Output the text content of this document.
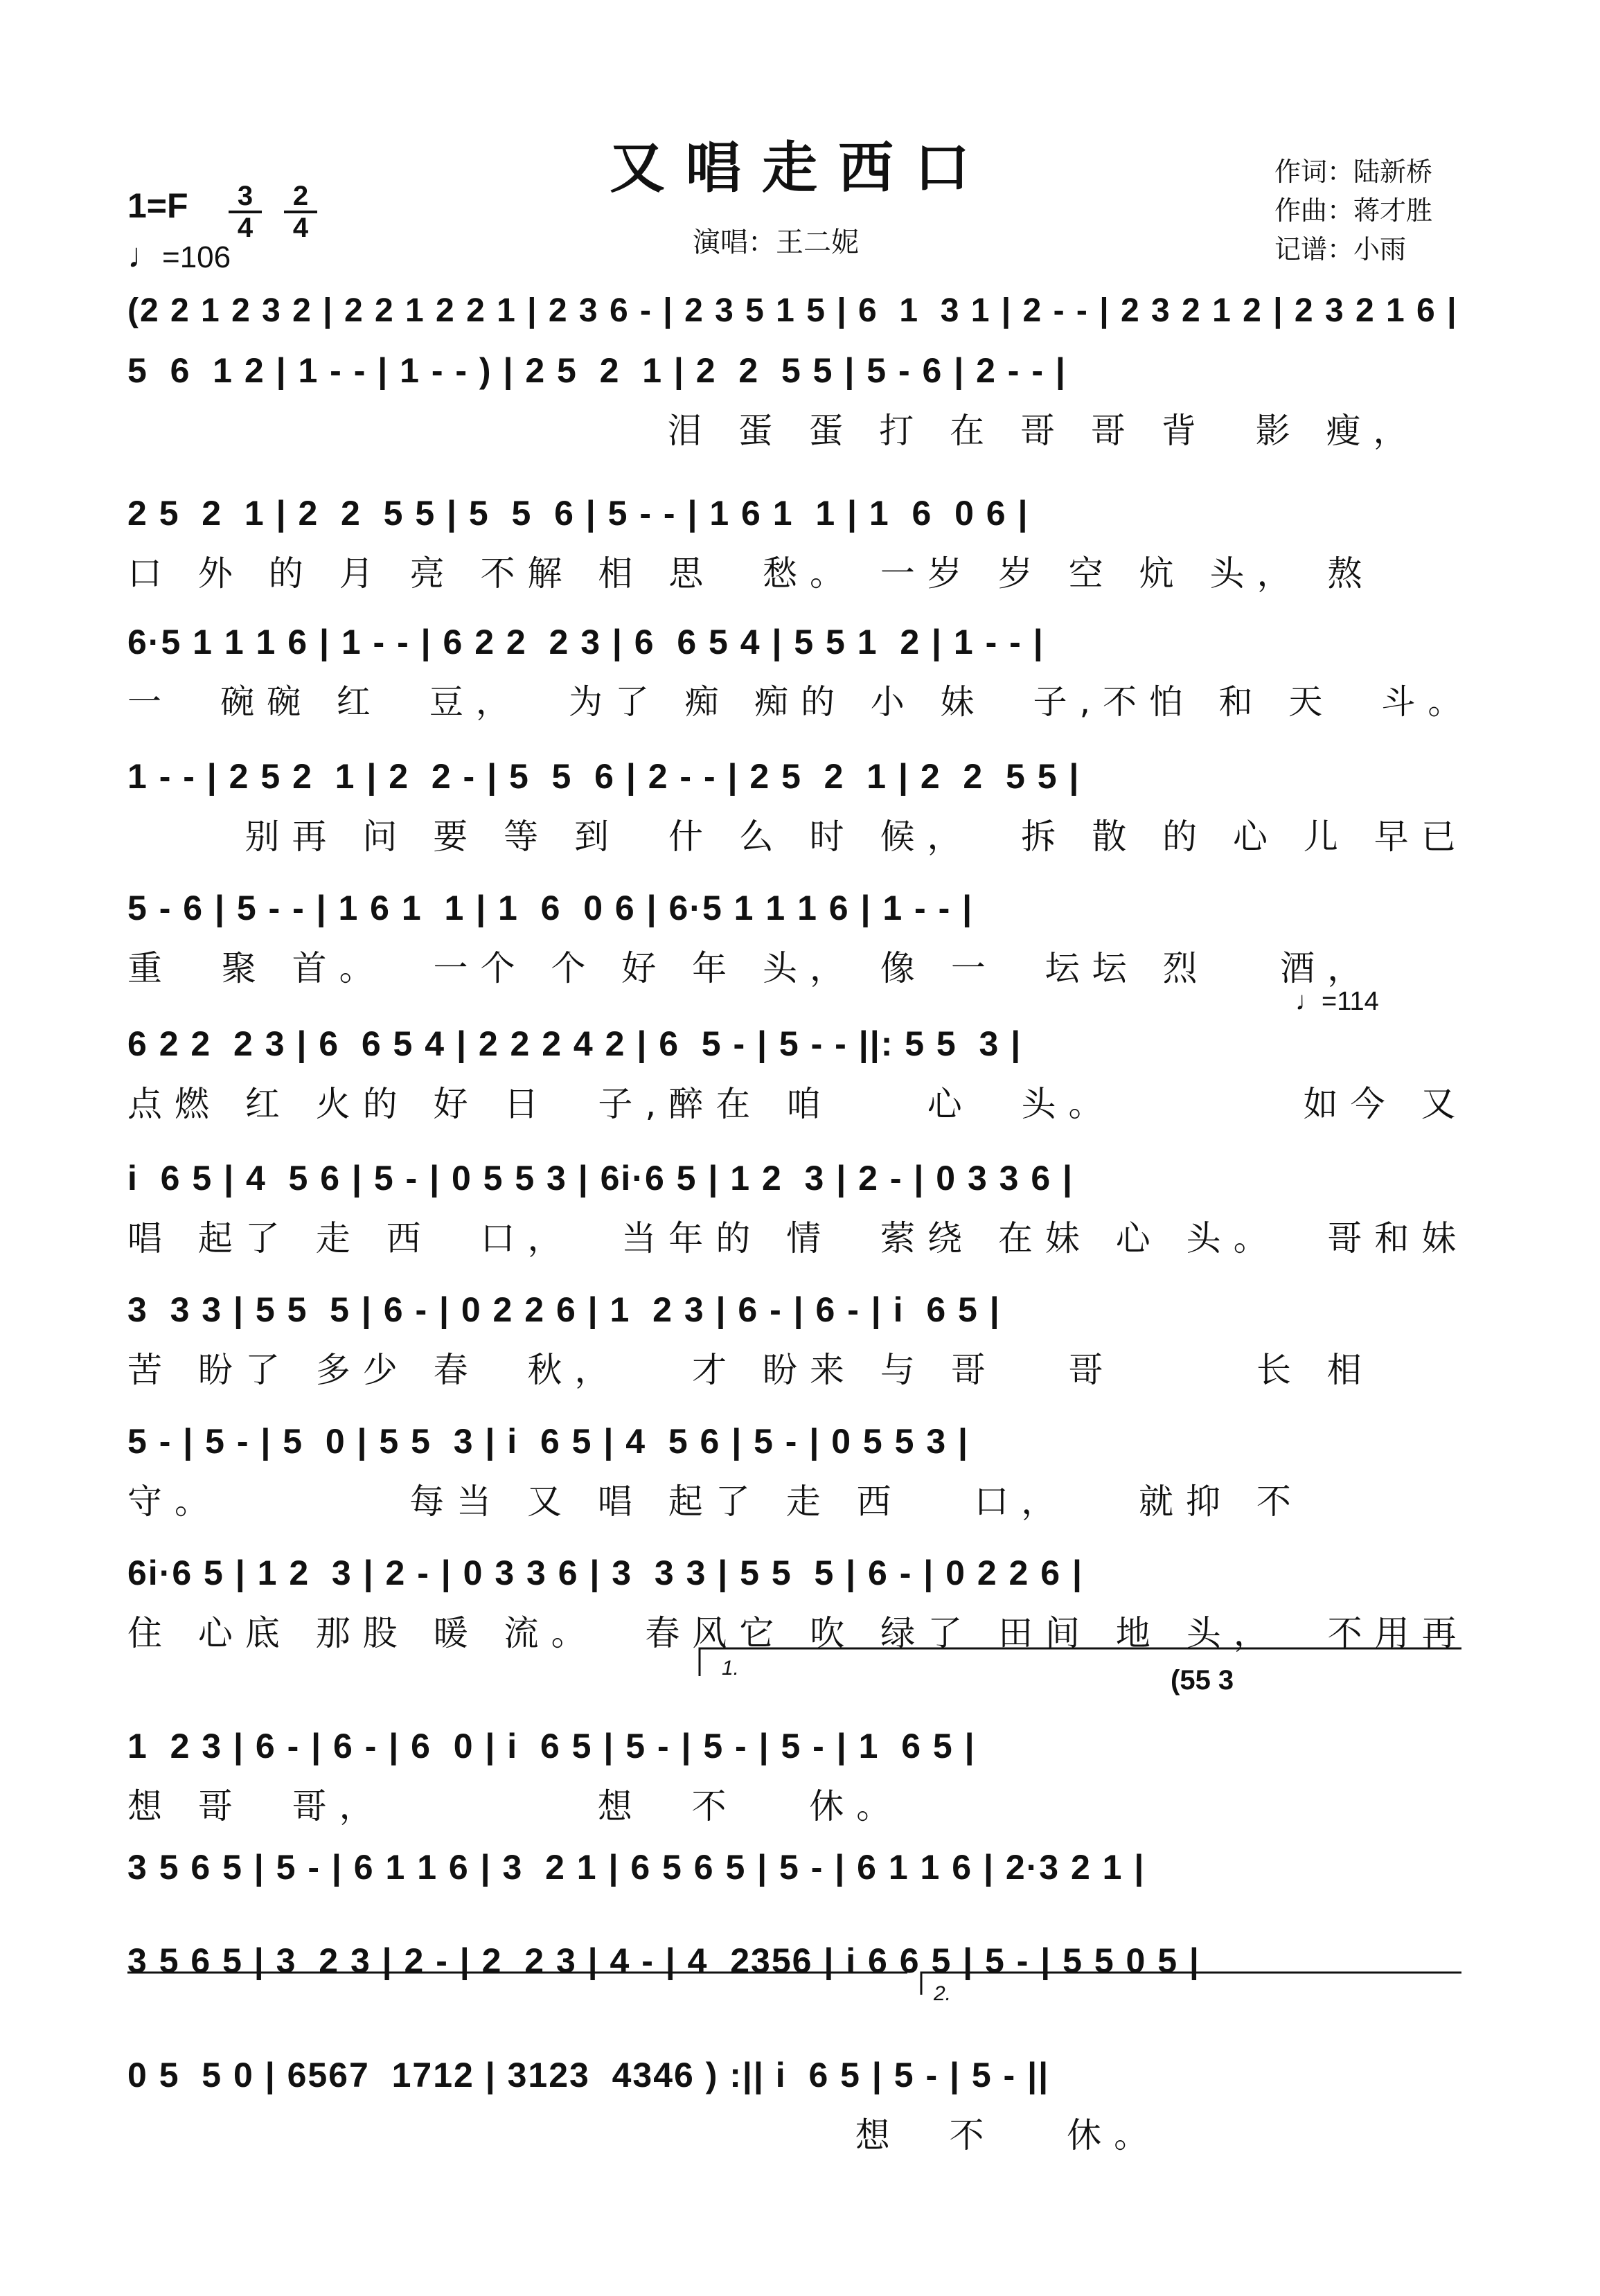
又唱走西口	作词：陆新桥
作曲：蒋才胜
记谱：小雨
演唱：王二妮
$1=F \frac{3}{4} \frac{2}{4}$
♩=106
♩=114
(2 2 1 2 3 2 | 2 2 1 2 2 1 | 2 3 6 - | 2 3 5 1 5 | 6  1  3 1 | 2 - - | 2 3 2 1 2 | 2 3 2 1 6 |
5  6  1 2 | 1 - - | 1 - - ) | 2 5  2  1 | 2  2  5 5 | 5 - 6 | 2 - - |
泪 蛋 蛋 打 在 哥 哥 背  影 瘦，
2 5  2  1 | 2  2  5 5 | 5  5  6 | 5 - - | 1 6 1  1 | 1  6  0 6 |
口 外 的 月 亮 不解 相 思  愁。 一岁 岁 空 炕 头， 熬
6·5 1 1 1 6 | 1 - - | 6 2 2  2 3 | 6  6 5 4 | 5 5 1  2 | 1 - - |
一  碗碗 红  豆，  为了 痴 痴的 小 妹  子,不怕 和 天  斗。
1 - - | 2 5 2  1 | 2  2 - | 5  5  6 | 2 - - | 2 5  2  1 | 2  2  5 5 |
别再 问 要 等 到  什 么 时 候，  拆 散 的 心 儿 早已
5 - 6 | 5 - - | 1 6 1  1 | 1  6  0 6 | 6·5 1 1 1 6 | 1 - - |
重  聚 首。  一个 个 好 年 头， 像 一  坛坛 烈   酒，
6 2 2  2 3 | 6  6 5 4 | 2 2 2 4 2 | 6  5 - | 5 - - ||: 5 5  3 |
点燃 红 火的 好 日  子,醉在 咱    心  头。        如今 又
i  6 5 | 4  5 6 | 5 - | 0 5 5 3 | 6i·6 5 | 1 2  3 | 2 - | 0 3 3 6 |
唱 起了 走 西  口，  当年的 情  萦绕 在妹 心 头。  哥和妹
3  3 3 | 5 5  5 | 6 - | 0 2 2 6 | 1  2 3 | 6 - | 6 - | i  6 5 |
苦 盼了 多少 春  秋，   才 盼来 与 哥   哥      长 相
5 - | 5 - | 5  0 | 5 5  3 | i  6 5 | 4  5 6 | 5 - | 0 5 5 3 |
守。        每当 又 唱 起了 走 西   口，   就抑 不
6i·6 5 | 1 2  3 | 2 - | 0 3 3 6 | 3  3 3 | 5 5  5 | 6 - | 0 2 2 6 |
住 心底 那股 暖 流。  春风它 吹 绿了 田间 地 头，  不用再
1  2 3 | 6 - | 6 - | 6  0 | i  6 5 | 5 - | 5 - | 5 - | 1  6 5 |
想 哥  哥，         想  不   休。
3 5 6 5 | 5 - | 6 1 1 6 | 3  2 1 | 6 5 6 5 | 5 - | 6 1 1 6 | 2·3 2 1 |
3 5 6 5 | 3  2 3 | 2 - | 2  2 3 | 4 - | 4  2356 | i 6 6 5 | 5 - | 5 5 0 5 |
0 5  5 0 | 6567  1712 | 3123  4346 ) :|| i  6 5 | 5 - | 5 - ||
想  不   休。
1.
2.
(55 3
